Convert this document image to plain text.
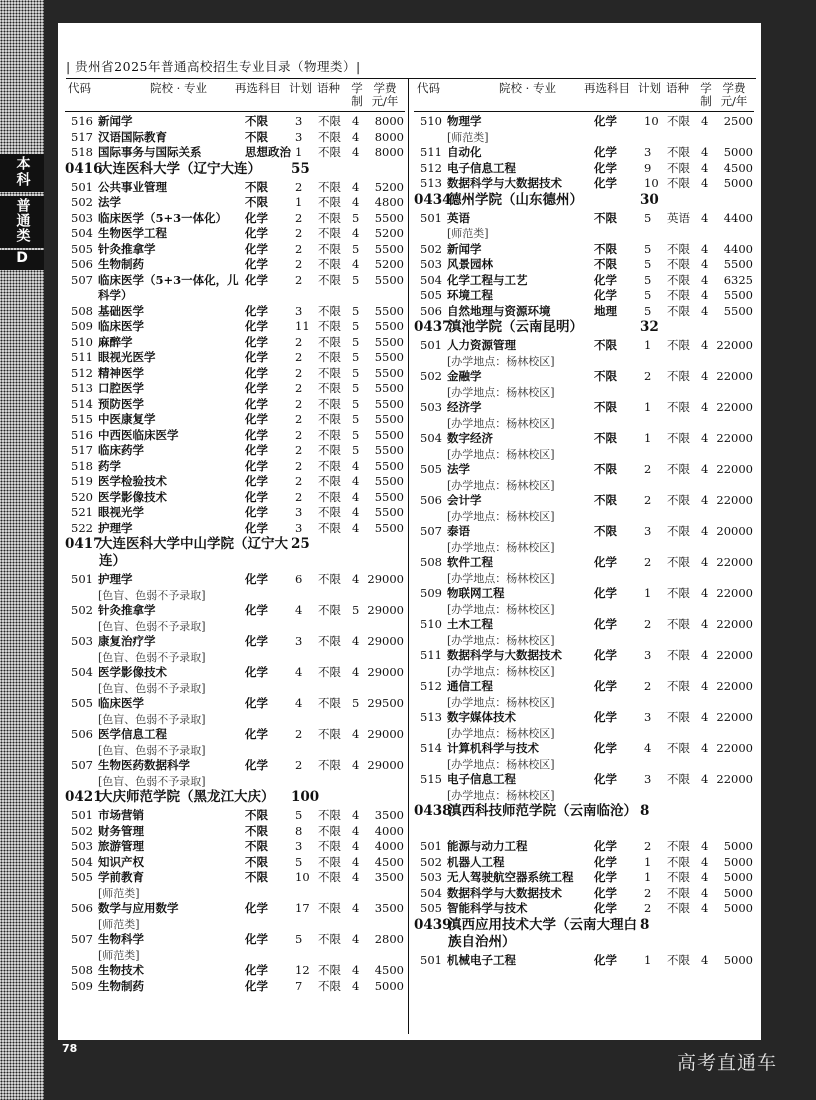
本科
普通类
D
| 贵州省2025年普通高校招生专业目录（物理类）|
代码	院校 · 专业 再选科目 计划 语种 学制
学费元/年
516 新闻学	不限 3 不限 4	8000
517 汉语国际教育	不限 3 不限 4	8000
518 国际事务与国际关系	思想政治 1 不限 4	8000
0416
大连医科大学（辽宁大连）	55
501 公共事业管理	不限 2 不限 4	5200
502 法学	不限 1 不限 4	4800
503 临床医学（5+3一体化）	化学 2 不限 5	5500
504 生物医学工程	化学 2 不限 4	5200
505 针灸推拿学	化学 2 不限 5	5500
506 生物制药	化学 2 不限 4	5200
507 临床医学（5+3一体化，儿科学）
化学 2 不限 5	5500
508 基础医学	化学 3 不限 5	5500
509 临床医学	化学 11 不限 5	5500
510 麻醉学	化学 2 不限 5	5500
511 眼视光医学	化学 2 不限 5	5500
512 精神医学	化学 2 不限 5	5500
513 口腔医学	化学 2 不限 5	5500
514 预防医学	化学 2 不限 5	5500
515 中医康复学	化学 2 不限 5	5500
516 中西医临床医学	化学 2 不限 5	5500
517 临床药学	化学 2 不限 5	5500
518 药学	化学 2 不限 4	5500
519 医学检验技术	化学 2 不限 4	5500
520 医学影像技术	化学 2 不限 4	5500
521 眼视光学	化学 3 不限 4	5500
522 护理学	化学 3 不限 4	5500
0417
大连医科大学中山学院（辽宁大连）
25
501 护理学	化学 6 不限 4 29000
[色盲、色弱不予录取]
502 针灸推拿学	化学 4 不限 5 29000
[色盲、色弱不予录取]
503 康复治疗学	化学 3 不限 4 29000
[色盲、色弱不予录取]
504 医学影像技术	化学 4 不限 4 29000
[色盲、色弱不予录取]
505 临床医学	化学 4 不限 5 29500
[色盲、色弱不予录取]
506 医学信息工程	化学 2 不限 4 29000
[色盲、色弱不予录取]
507 生物医药数据科学	化学 2 不限 4 29000
[色盲、色弱不予录取]
0421
大庆师范学院（黑龙江大庆）	100
501 市场营销	不限 5 不限 4	3500
502 财务管理	不限 8 不限 4	4000
503 旅游管理	不限 3 不限 4	4000
504 知识产权	不限 5 不限 4	4500
505 学前教育	不限 10 不限 4	3500
[师范类]
506 数学与应用数学	化学 17 不限 4	3500
[师范类]
507 生物科学	化学 5 不限 4	2800
[师范类]
508 生物技术	化学 12 不限 4	4500
509 生物制药	化学 7 不限 4	5000
代码	院校 · 专业 再选科目 计划 语种 学制
学费元/年
510 物理学	化学 10 不限 4	2500
[师范类]
511 自动化	化学 3 不限 4	5000
512 电子信息工程	化学 9 不限 4	4500
513 数据科学与大数据技术	化学 10 不限 4	5000
0434
德州学院（山东德州）	30
501 英语	不限 5 英语 4	4400
[师范类]
502 新闻学	不限 5 不限 4	4400
503 风景园林	不限 5 不限 4	5500
504 化学工程与工艺	化学 5 不限 4	6325
505 环境工程	化学 5 不限 4	5500
506 自然地理与资源环境	地理 5 不限 4	5500
0437
滇池学院（云南昆明）	32
501 人力资源管理	不限 1 不限 4 22000
[办学地点：杨林校区]
502 金融学	不限 2 不限 4 22000
[办学地点：杨林校区]
503 经济学	不限 1 不限 4 22000
[办学地点：杨林校区]
504 数字经济	不限 1 不限 4 22000
[办学地点：杨林校区]
505 法学	不限 2 不限 4 22000
[办学地点：杨林校区]
506 会计学	不限 2 不限 4 22000
[办学地点：杨林校区]
507 泰语	不限 3 不限 4 20000
[办学地点：杨林校区]
508 软件工程	化学 2 不限 4 22000
[办学地点：杨林校区]
509 物联网工程	化学 1 不限 4 22000
[办学地点：杨林校区]
510 土木工程	化学 2 不限 4 22000
[办学地点：杨林校区]
511 数据科学与大数据技术	化学 3 不限 4 22000
[办学地点：杨林校区]
512 通信工程	化学 2 不限 4 22000
[办学地点：杨林校区]
513 数字媒体技术	化学 3 不限 4 22000
[办学地点：杨林校区]
514 计算机科学与技术	化学 4 不限 4 22000
[办学地点：杨林校区]
515 电子信息工程	化学 3 不限 4 22000
[办学地点：杨林校区]
0438
滇西科技师范学院（云南临沧） 8
501 能源与动力工程	化学 2 不限 4	5000
502 机器人工程	化学 1 不限 4	5000
503 无人驾驶航空器系统工程	化学 1 不限 4	5000
504 数据科学与大数据技术	化学 2 不限 4	5000
505 智能科学与技术	化学 2 不限 4	5000
0439
滇西应用技术大学（云南大理白族自治州）
8
501 机械电子工程	化学 1 不限 4	5000
78
高考直通车
